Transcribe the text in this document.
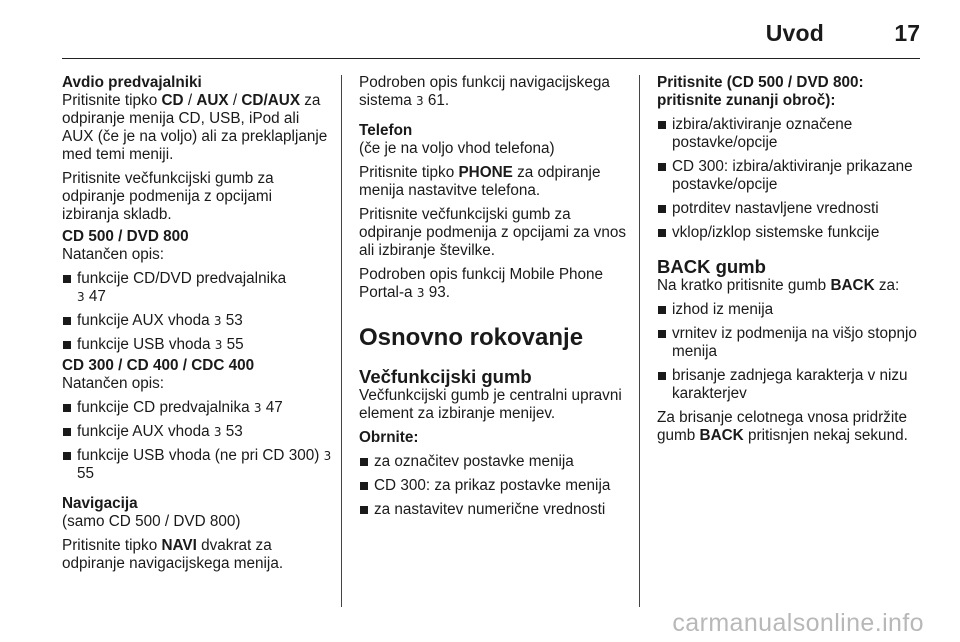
Uvod	17
Avdio predvajalniki

Pritisnite tipko CD / AUX / CD/AUX za odpiranje menija CD, USB, iPod ali AUX (če je na voljo) ali za preklapljanje med temi meniji.

Pritisnite večfunkcijski gumb za odpiranje podmenija z opcijami izbiranja skladb.

CD 500 / DVD 800

Natančen opis:

funkcije CD/DVD predvajalnika
3 47
funkcije AUX vhoda 3 53
funkcije USB vhoda 3 55
CD 300 / CD 400 / CDC 400

Natančen opis:

funkcije CD predvajalnika 3 47
funkcije AUX vhoda 3 53
funkcije USB vhoda (ne pri CD 300) 3 55
Navigacija

(samo CD 500 / DVD 800)

Pritisnite tipko NAVI dvakrat za odpiranje navigacijskega menija.

Podroben opis funkcij navigacijskega sistema 3 61.

Telefon

(če je na voljo vhod telefona)

Pritisnite tipko PHONE za odpiranje menija nastavitve telefona.

Pritisnite večfunkcijski gumb za odpiranje podmenija z opcijami za vnos ali izbiranje številke.

Podroben opis funkcij Mobile Phone Portal-a 3 93.

Osnovno rokovanje
Večfunkcijski gumb

Večfunkcijski gumb je centralni upravni element za izbiranje menijev.

Obrnite:
za označitev postavke menija
CD 300: za prikaz postavke menija
za nastavitev numerične vrednosti
Pritisnite (CD 500 / DVD 800: pritisnite zunanji obroč):
izbira/aktiviranje označene postavke/opcije
CD 300: izbira/aktiviranje prikazane postavke/opcije
potrditev nastavljene vrednosti
vklop/izklop sistemske funkcije
BACK gumb

Na kratko pritisnite gumb BACK za:

izhod iz menija
vrnitev iz podmenija na višjo stopnjo menija
brisanje zadnjega karakterja v nizu karakterjev

Za brisanje celotnega vnosa pridržite gumb BACK pritisnjen nekaj sekund.

carmanualsonline.info
